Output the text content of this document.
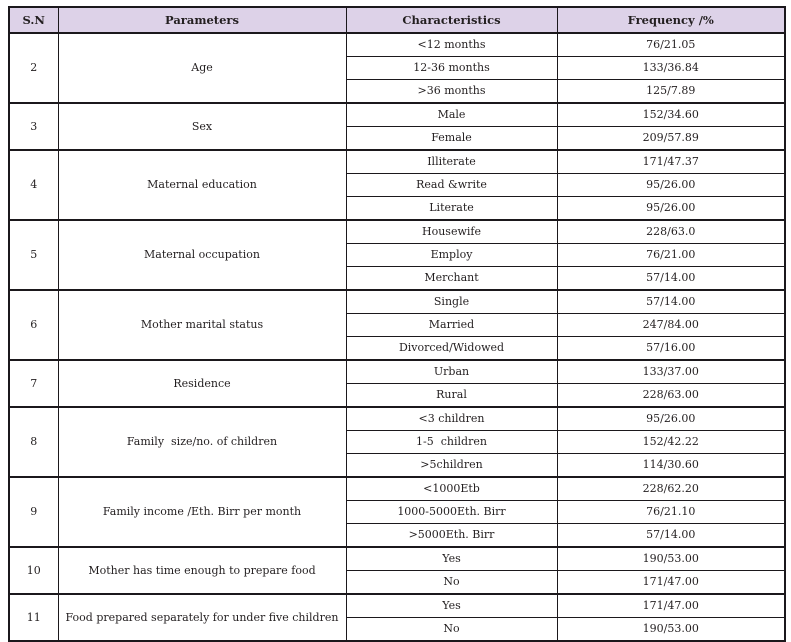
S.N	Parameters	Characteristics	Frequency /%
2	Age	<12 months	76/21.05
		12-36 months	133/36.84
		>36 months	125/7.89
3	Sex	Male	152/34.60
		Female	209/57.89
4	Maternal education	Illiterate	171/47.37
		Read &write	95/26.00
		Literate	95/26.00
5	Maternal occupation	Housewife	228/63.0
		Employ	76/21.00
		Merchant	57/14.00
6	Mother marital status	Single	57/14.00
		Married	247/84.00
		Divorced/Widowed	57/16.00
7	Residence	Urban	133/37.00
		Rural	228/63.00
8	Family  size/no. of children	<3 children	95/26.00
		1-5  children	152/42.22
		>5children	114/30.60
9	Family income /Eth. Birr per month	<1000Etb	228/62.20
		1000-5000Eth. Birr	76/21.10
		>5000Eth. Birr	57/14.00
10	Mother has time enough to prepare food	Yes	190/53.00
		No	171/47.00
11	Food prepared separately for under five children	Yes	171/47.00
		No	190/53.00
